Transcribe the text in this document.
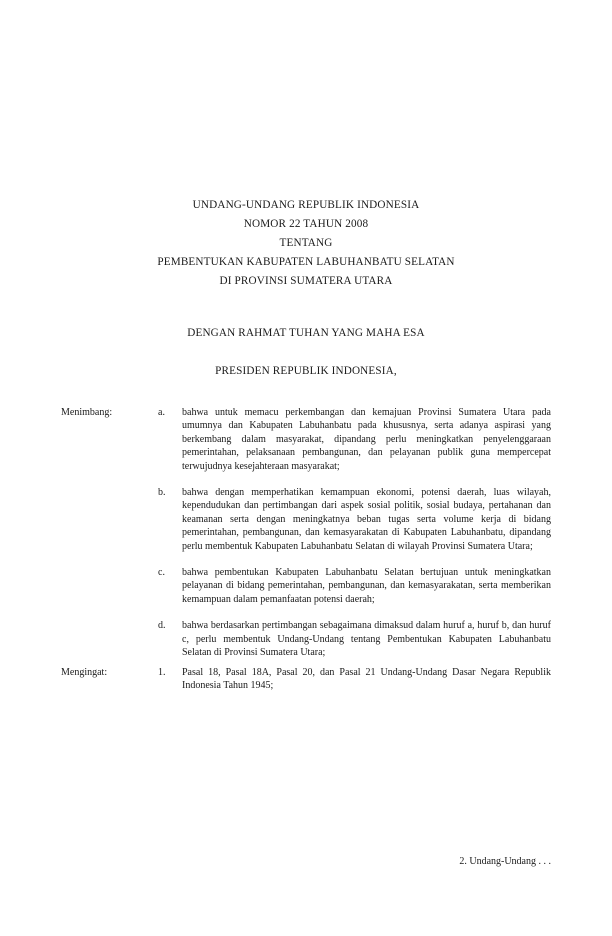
UNDANG-UNDANG REPUBLIK INDONESIA
NOMOR 22 TAHUN 2008
TENTANG
PEMBENTUKAN KABUPATEN LABUHANBATU SELATAN
DI PROVINSI SUMATERA UTARA
DENGAN RAHMAT TUHAN YANG MAHA ESA
PRESIDEN REPUBLIK INDONESIA,
Menimbang:	a.	bahwa untuk memacu perkembangan dan kemajuan Provinsi Sumatera Utara pada umumnya dan Kabupaten Labuhanbatu pada khususnya, serta adanya aspirasi yang berkembang dalam masyarakat, dipandang perlu meningkatkan penyelenggaraan pemerintahan, pelaksanaan pembangunan, dan pelayanan publik guna mempercepat terwujudnya kesejahteraan masyarakat;
b.	bahwa dengan memperhatikan kemampuan ekonomi, potensi daerah, luas wilayah, kependudukan dan pertimbangan dari aspek sosial politik, sosial budaya, pertahanan dan keamanan serta dengan meningkatnya beban tugas serta volume kerja di bidang pemerintahan, pembangunan, dan kemasyarakatan di Kabupaten Labuhanbatu, dipandang perlu membentuk Kabupaten Labuhanbatu Selatan di wilayah Provinsi Sumatera Utara;
c.	bahwa pembentukan Kabupaten Labuhanbatu Selatan bertujuan untuk meningkatkan pelayanan di bidang pemerintahan, pembangunan, dan kemasyarakatan, serta memberikan kemampuan dalam pemanfaatan potensi daerah;
d.	bahwa berdasarkan pertimbangan sebagaimana dimaksud dalam huruf a, huruf b, dan huruf c, perlu membentuk Undang-Undang tentang Pembentukan Kabupaten Labuhanbatu Selatan di Provinsi Sumatera Utara;
Mengingat:	1.	Pasal 18, Pasal 18A, Pasal 20, dan Pasal 21 Undang-Undang Dasar Negara Republik Indonesia Tahun 1945;
2. Undang-Undang . . .
